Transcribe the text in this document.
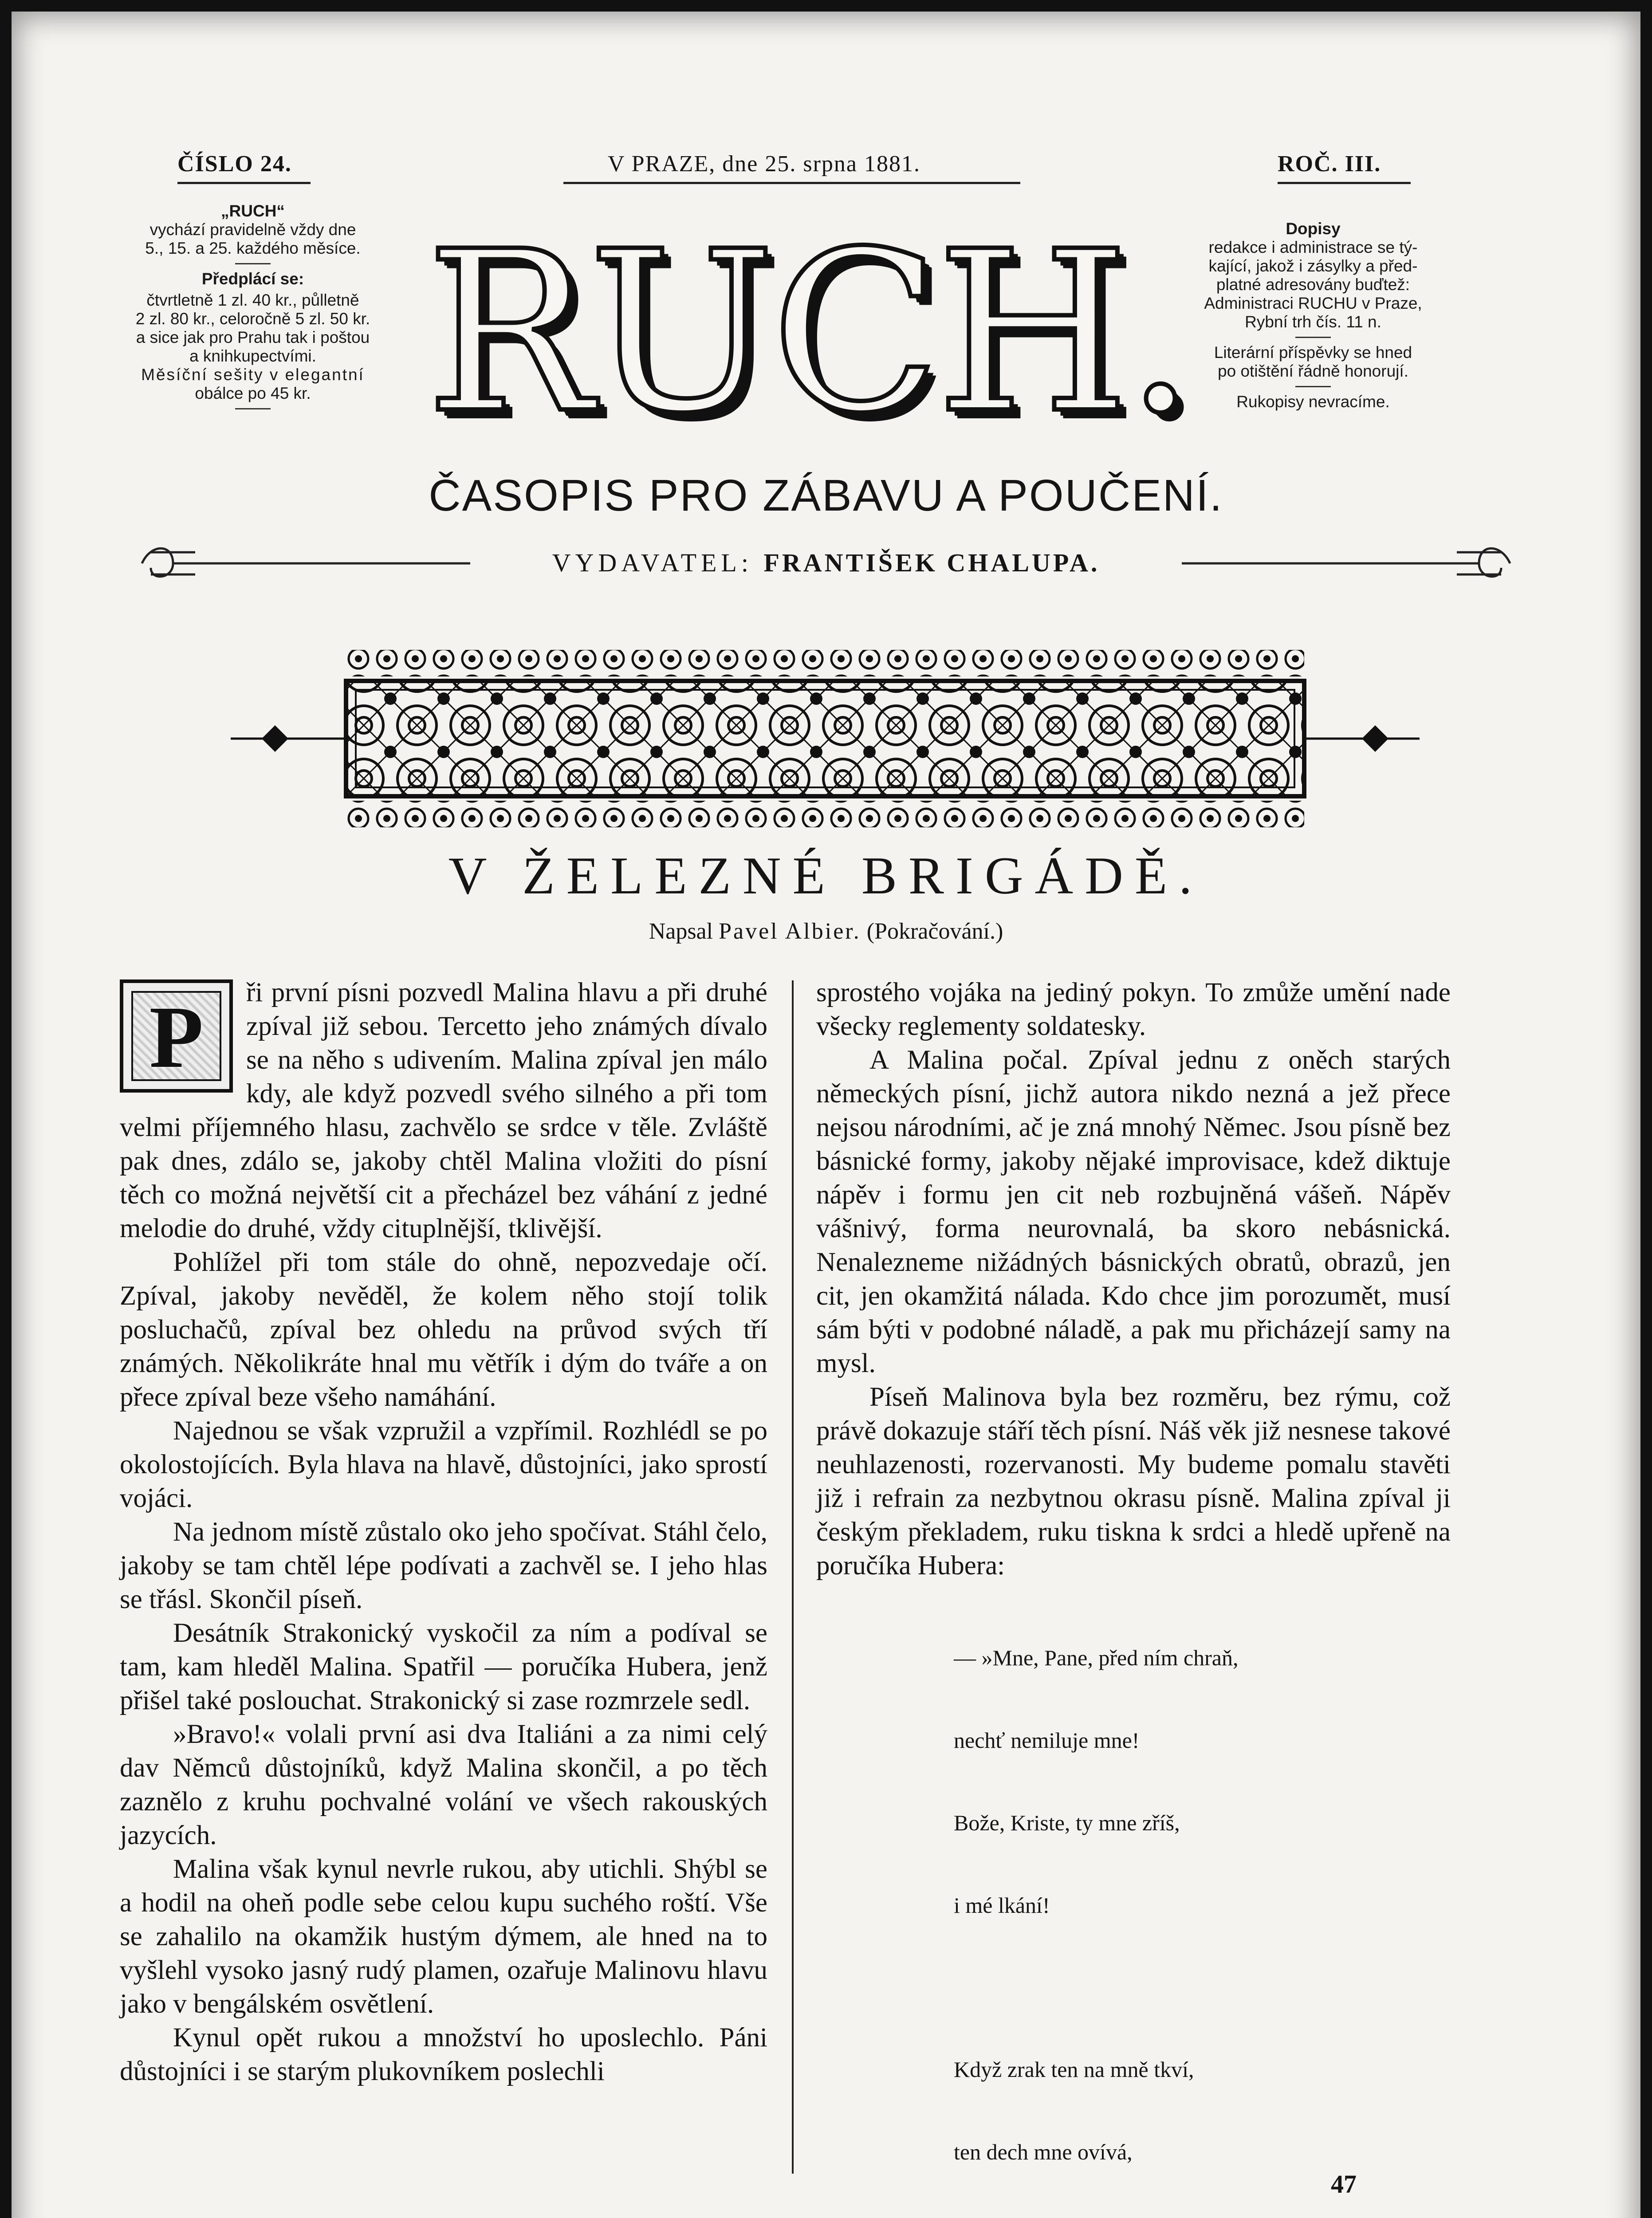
ČÍSLO 24.	V PRAZE, dne 25. srpna 1881.	ROČ. III.

„RUCH“

vychází pravidelně vždy dne

5., 15. a 25. každého měsíce.

Předplácí se:

čtvrtletně 1 zl. 40 kr., půlletně

2 zl. 80 kr., celoročně 5 zl. 50 kr.

a sice jak pro Prahu tak i poštou

a knihkupectvími.

Měsíční sešity v elegantní

obálce po 45 kr. RUCH.	Dopisy

redakce i administrace se tý-

kající, jakož i zásylky a před-

platné adresovány buďtež:

Administraci RUCHU v Praze,

Rybní trh čís. 11 n.

Literární příspěvky se hned

po otištění řádně honorují.

Rukopisy nevracíme.

ČASOPIS PRO ZÁBAVU A POUČENÍ.
VYDAVATEL: FRANTIŠEK CHALUPA.
V ŽELEZNÉ BRIGÁDĚ.
Napsal Pavel Albier. (Pokračování.)

P	ři první písni pozvedl Malina hlavu a při druhé zpíval již sebou. Tercetto jeho známých dívalo se na něho s udivením. Malina zpíval jen málo kdy, ale když pozvedl svého silného a při tom velmi příjemného hlasu, zachvělo se srdce v těle. Zvláště pak dnes, zdálo se, jakoby chtěl Malina vložiti do písní těch co možná největší cit a přecházel bez váhání z jedné melodie do druhé, vždy cituplnější, tklivější.

Pohlížel při tom stále do ohně, nepozvedaje očí. Zpíval, jakoby nevěděl, že kolem něho stojí tolik posluchačů, zpíval bez ohledu na průvod svých tří známých. Několikráte hnal mu větřík i dým do tváře a on přece zpíval beze všeho namáhání.

Najednou se však vzpružil a vzpřímil. Rozhlédl se po okolostojících. Byla hlava na hlavě, důstojníci, jako sprostí vojáci.

Na jednom místě zůstalo oko jeho spočívat. Stáhl čelo, jakoby se tam chtěl lépe podívati a zachvěl se. I jeho hlas se třásl. Skončil píseň.

Desátník Strakonický vyskočil za ním a podíval se tam, kam hleděl Malina. Spatřil — poručíka Hubera, jenž přišel také poslouchat. Strakonický si zase rozmrzele sedl.

»Bravo!« volali první asi dva Italiáni a za nimi celý dav Němců důstojníků, když Malina skončil, a po těch zaznělo z kruhu pochvalné volání ve všech rakouských jazycích.

Malina však kynul nevrle rukou, aby utichli. Shýbl se a hodil na oheň podle sebe celou kupu suchého roští. Vše se zahalilo na okamžik hustým dýmem, ale hned na to vyšlehl vysoko jasný rudý plamen, ozařuje Malinovu hlavu jako v bengálském osvětlení.

Kynul opět rukou a množství ho uposlechlo. Páni důstojníci i se starým plukovníkem poslechli

sprostého vojáka na jediný pokyn. To zmůže umění nade všecky reglementy soldatesky.

A Malina počal. Zpíval jednu z oněch starých německých písní, jichž autora nikdo nezná a jež přece nejsou národními, ač je zná mnohý Němec. Jsou písně bez básnické formy, jakoby nějaké improvisace, kdež diktuje nápěv i formu jen cit neb rozbujněná vášeň. Nápěv vášnivý, forma neurovnalá, ba skoro nebásnická. Nenalezneme nižádných básnických obratů, obrazů, jen cit, jen okamžitá nálada. Kdo chce jim porozumět, musí sám býti v podobné náladě, a pak mu přicházejí samy na mysl.

Píseň Malinova byla bez rozměru, bez rýmu, což právě dokazuje stáří těch písní. Náš věk již nesnese takové neuhlazenosti, rozervanosti. My budeme pomalu stavěti již i refrain za nezbytnou okrasu písně. Malina zpíval ji českým překladem, ruku tiskna k srdci a hledě upřeně na poručíka Hubera:

— »Mne, Pane, před ním chraň,

nechť nemiluje mne!

Bože, Kriste, ty mne zříš,

i mé lkání!

Když zrak ten na mně tkví,

ten dech mne ovívá,

47
